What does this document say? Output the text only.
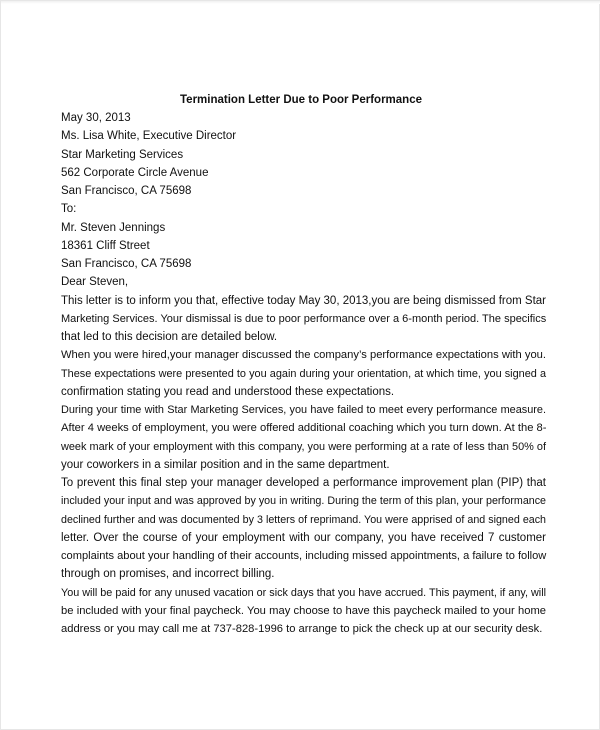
Termination Letter Due to Poor Performance
May 30, 2013
Ms. Lisa White, Executive Director
Star Marketing Services
562 Corporate Circle Avenue
San Francisco, CA 75698
To:
Mr. Steven Jennings
18361 Cliff Street
San Francisco, CA 75698
Dear Steven,
This letter is to inform you that, effective today May 30, 2013,you are being dismissed from Star
Marketing Services. Your dismissal is due to poor performance over a 6-month period. The specifics
that led to this decision are detailed below.
When you were hired,your manager discussed the company’s performance expectations with you.
These expectations were presented to you again during your orientation, at which time, you signed a
confirmation stating you read and understood these expectations.
During your time with Star Marketing Services, you have failed to meet every performance measure.
After 4 weeks of employment, you were offered additional coaching which you turn down. At the 8-
week mark of your employment with this company, you were performing at a rate of less than 50% of
your coworkers in a similar position and in the same department.
To prevent this final step your manager developed a performance improvement plan (PIP) that
included your input and was approved by you in writing. During the term of this plan, your performance
declined further and was documented by 3 letters of reprimand. You were apprised of and signed each
letter. Over the course of your employment with our company, you have received 7 customer
complaints about your handling of their accounts, including missed appointments, a failure to follow
through on promises, and incorrect billing.
You will be paid for any unused vacation or sick days that you have accrued. This payment, if any, will
be included with your final paycheck. You may choose to have this paycheck mailed to your home
address or you may call me at 737-828-1996 to arrange to pick the check up at our security desk.
